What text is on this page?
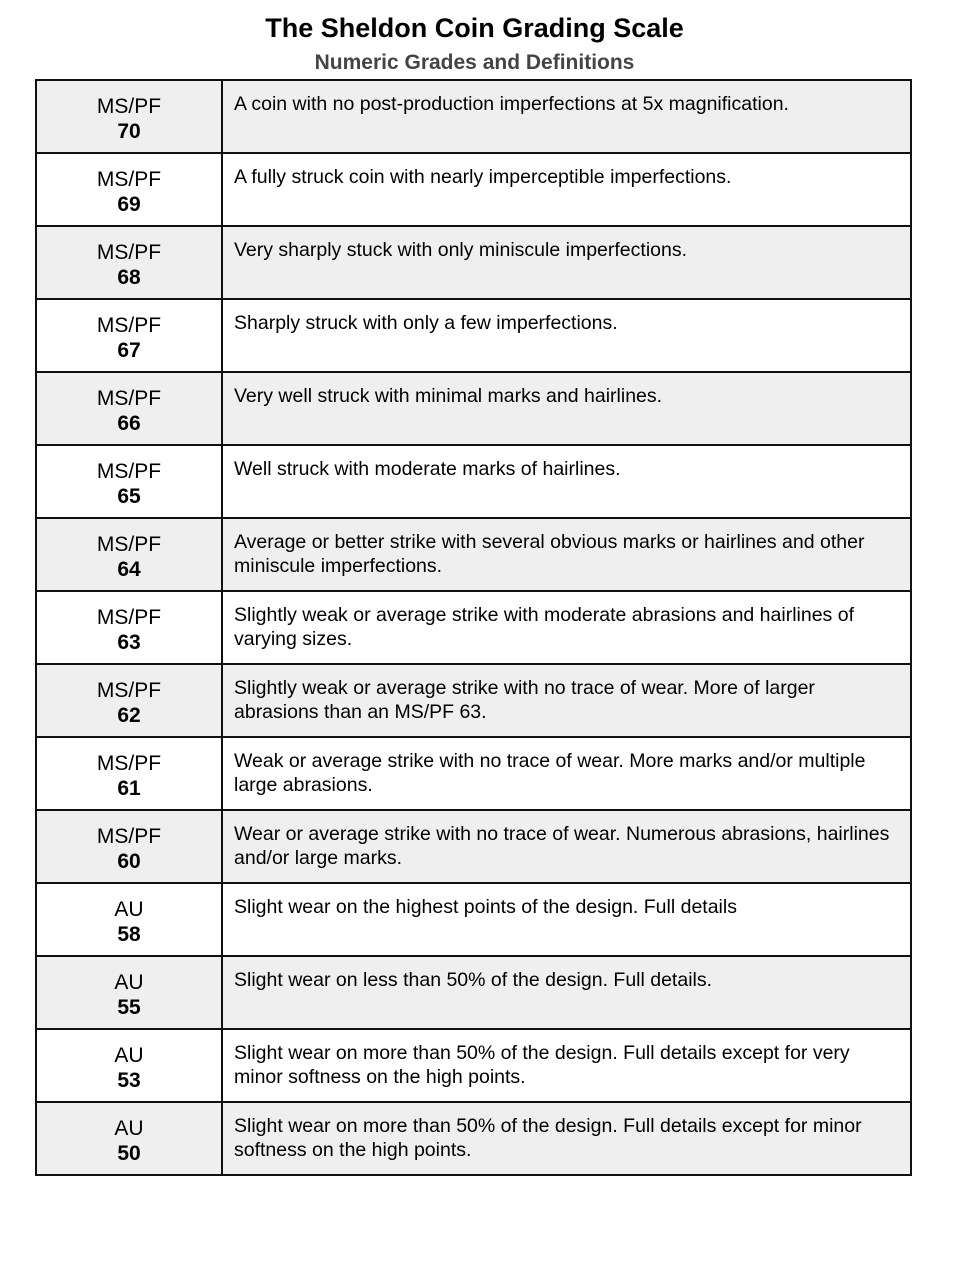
The Sheldon Coin Grading Scale
Numeric Grades and Definitions
MS/PF
70	A coin with no post-production imperfections at 5x magnification.

MS/PF
69	A fully struck coin with nearly imperceptible imperfections.

MS/PF
68	Very sharply stuck with only miniscule imperfections.

MS/PF
67	Sharply struck with only a few imperfections.

MS/PF
66	Very well struck with minimal marks and hairlines.

MS/PF
65	Well struck with moderate marks of hairlines.

MS/PF
64	Average or better strike with several obvious marks or hairlines and other miniscule imperfections.

MS/PF
63	Slightly weak or average strike with moderate abrasions and hairlines of varying sizes.

MS/PF
62	Slightly weak or average strike with no trace of wear. More of larger abrasions than an MS/PF 63.

MS/PF
61	Weak or average strike with no trace of wear. More marks and/or multiple large abrasions.

MS/PF
60	Wear or average strike with no trace of wear. Numerous abrasions, hairlines and/or large marks.

AU
58	Slight wear on the highest points of the design. Full details

AU
55	Slight wear on less than 50% of the design. Full details.

AU
53	Slight wear on more than 50% of the design. Full details except for very minor softness on the high points.

AU
50	Slight wear on more than 50% of the design. Full details except for minor softness on the high points.
